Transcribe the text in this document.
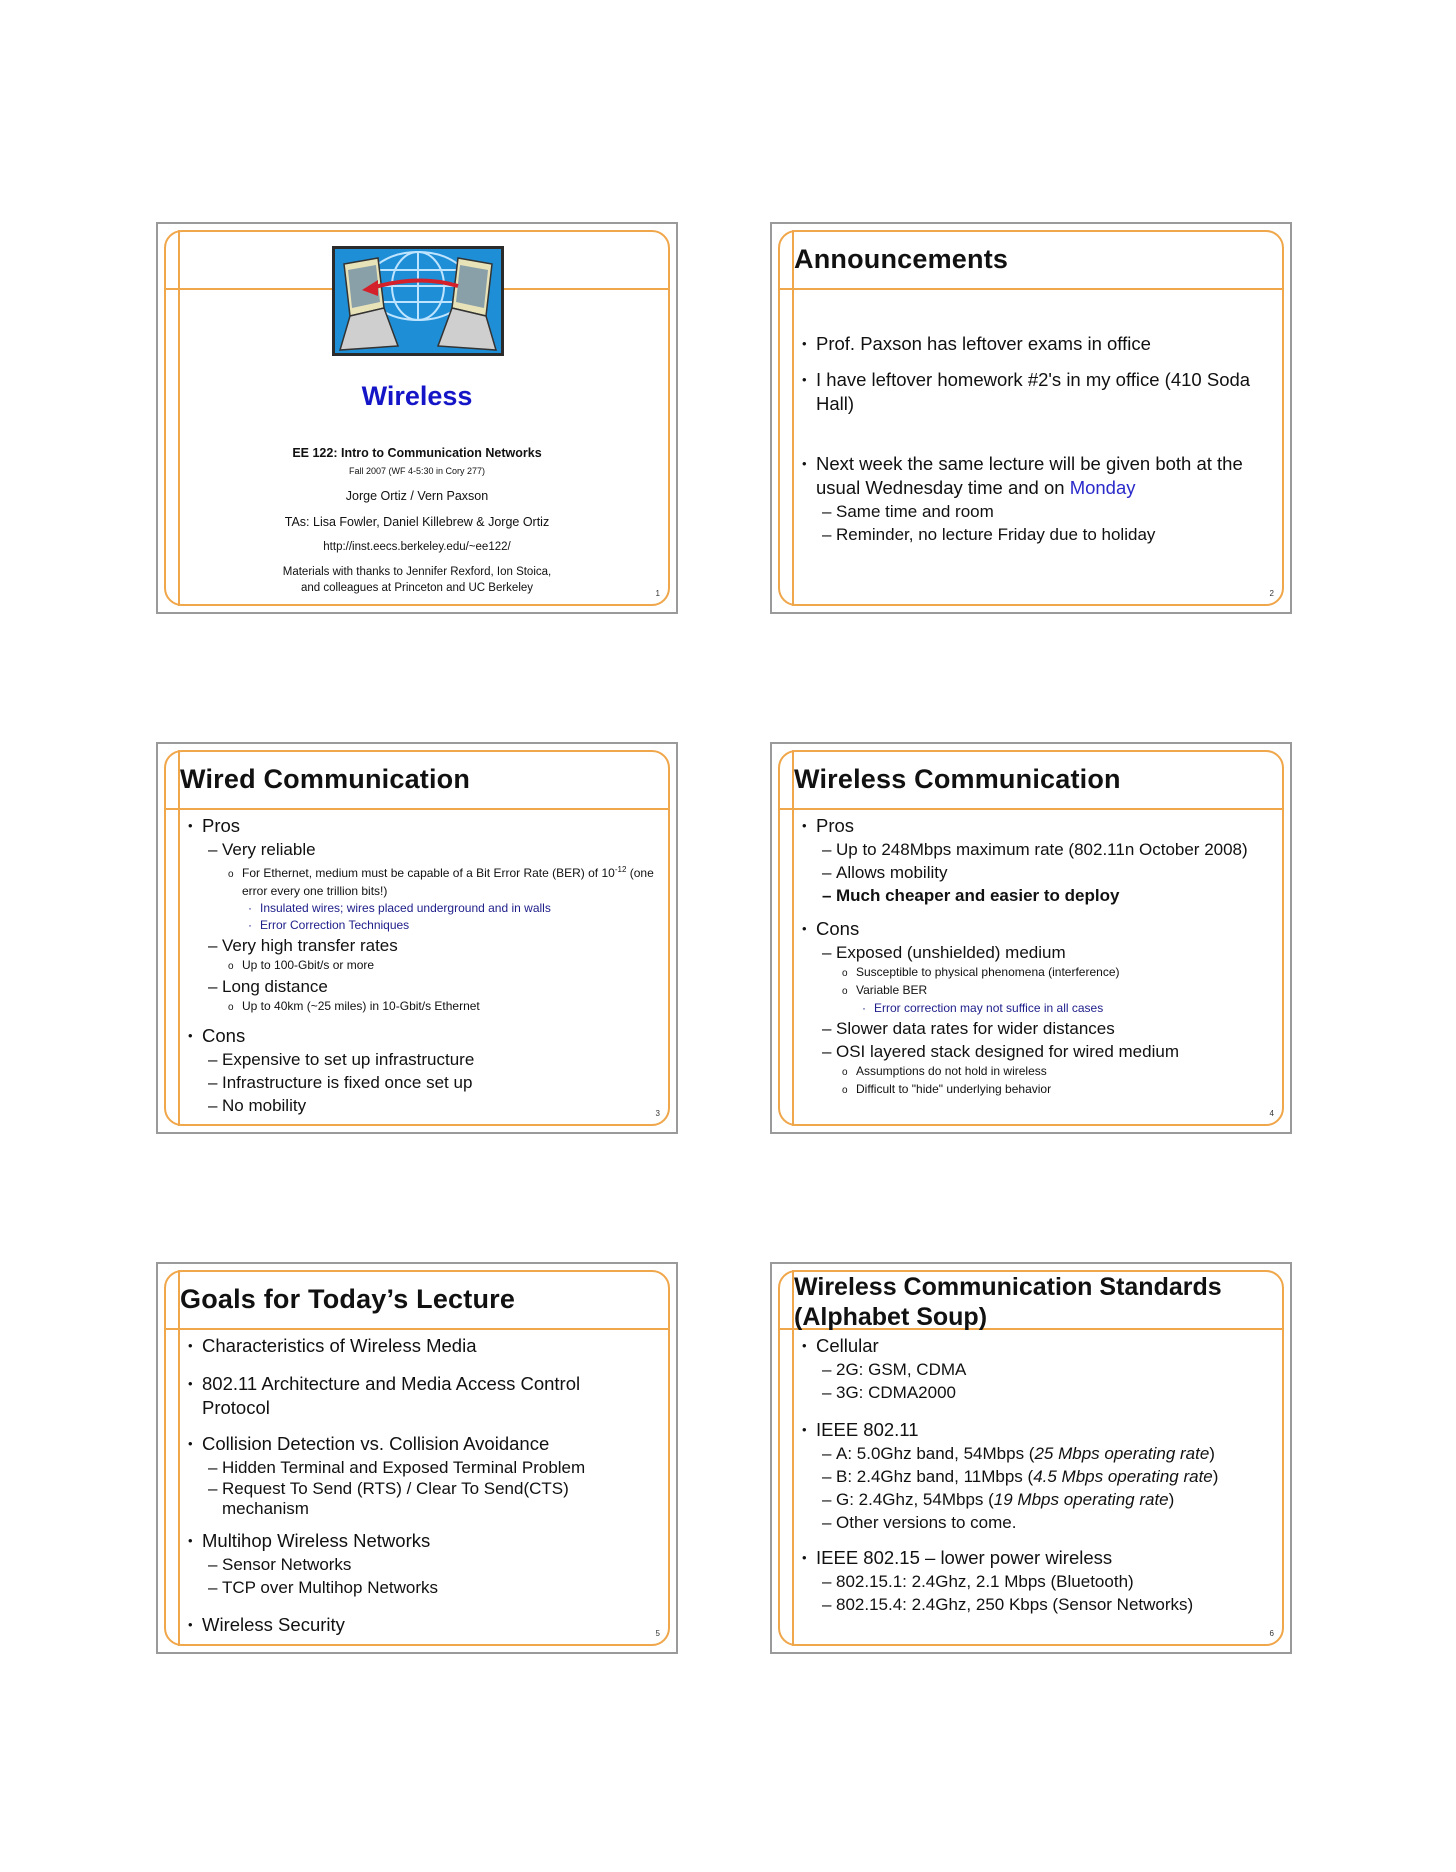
Wireless
EE 122: Intro to Communication Networks
Fall 2007 (WF 4-5:30 in Cory 277)
Jorge Ortiz / Vern Paxson
TAs: Lisa Fowler, Daniel Killebrew & Jorge Ortiz
http://inst.eecs.berkeley.edu/~ee122/
Materials with thanks to Jennifer Rexford, Ion Stoica,
and colleagues at Princeton and UC Berkeley	1
Announcements

• Prof. Paxson has leftover exams in office

• I have leftover homework #2's in my office (410 Soda Hall)

• Next week the same lecture will be given both at the usual Wednesday time and on Monday

– Same time and room

– Reminder, no lecture Friday due to holiday

2
Wired Communication

• Pros

– Very reliable

o For Ethernet, medium must be capable of a Bit Error Rate (BER) of $10^{-12}$ (one error every one trillion bits!)

· Insulated wires; wires placed underground and in walls

· Error Correction Techniques

– Very high transfer rates

o Up to 100-Gbit/s or more

– Long distance

o Up to 40km (~25 miles) in 10-Gbit/s Ethernet

• Cons

– Expensive to set up infrastructure

– Infrastructure is fixed once set up

– No mobility	3
Wireless Communication

• Pros

– Up to 248Mbps maximum rate (802.11n October 2008)

– Allows mobility

– Much cheaper and easier to deploy

• Cons

– Exposed (unshielded) medium

o Susceptible to physical phenomena (interference)

o Variable BER

· Error correction may not suffice in all cases

– Slower data rates for wider distances

– OSI layered stack designed for wired medium

o Assumptions do not hold in wireless

o Difficult to "hide" underlying behavior

4
Goals for Today’s Lecture

• Characteristics of Wireless Media

• 802.11 Architecture and Media Access Control Protocol

• Collision Detection vs. Collision Avoidance

– Hidden Terminal and Exposed Terminal Problem

– Request To Send (RTS) / Clear To Send(CTS) mechanism

• Multihop Wireless Networks

– Sensor Networks

– TCP over Multihop Networks

• Wireless Security	5
Wireless Communication Standards
(Alphabet Soup)

• Cellular

– 2G: GSM, CDMA

– 3G: CDMA2000

• IEEE 802.11

– A: 5.0Ghz band, 54Mbps (25 Mbps operating rate)

– B: 2.4Ghz band, 11Mbps (4.5 Mbps operating rate)

– G: 2.4Ghz, 54Mbps (19 Mbps operating rate)

– Other versions to come.

• IEEE 802.15 – lower power wireless

– 802.15.1: 2.4Ghz, 2.1 Mbps (Bluetooth)

– 802.15.4: 2.4Ghz, 250 Kbps (Sensor Networks)

6
